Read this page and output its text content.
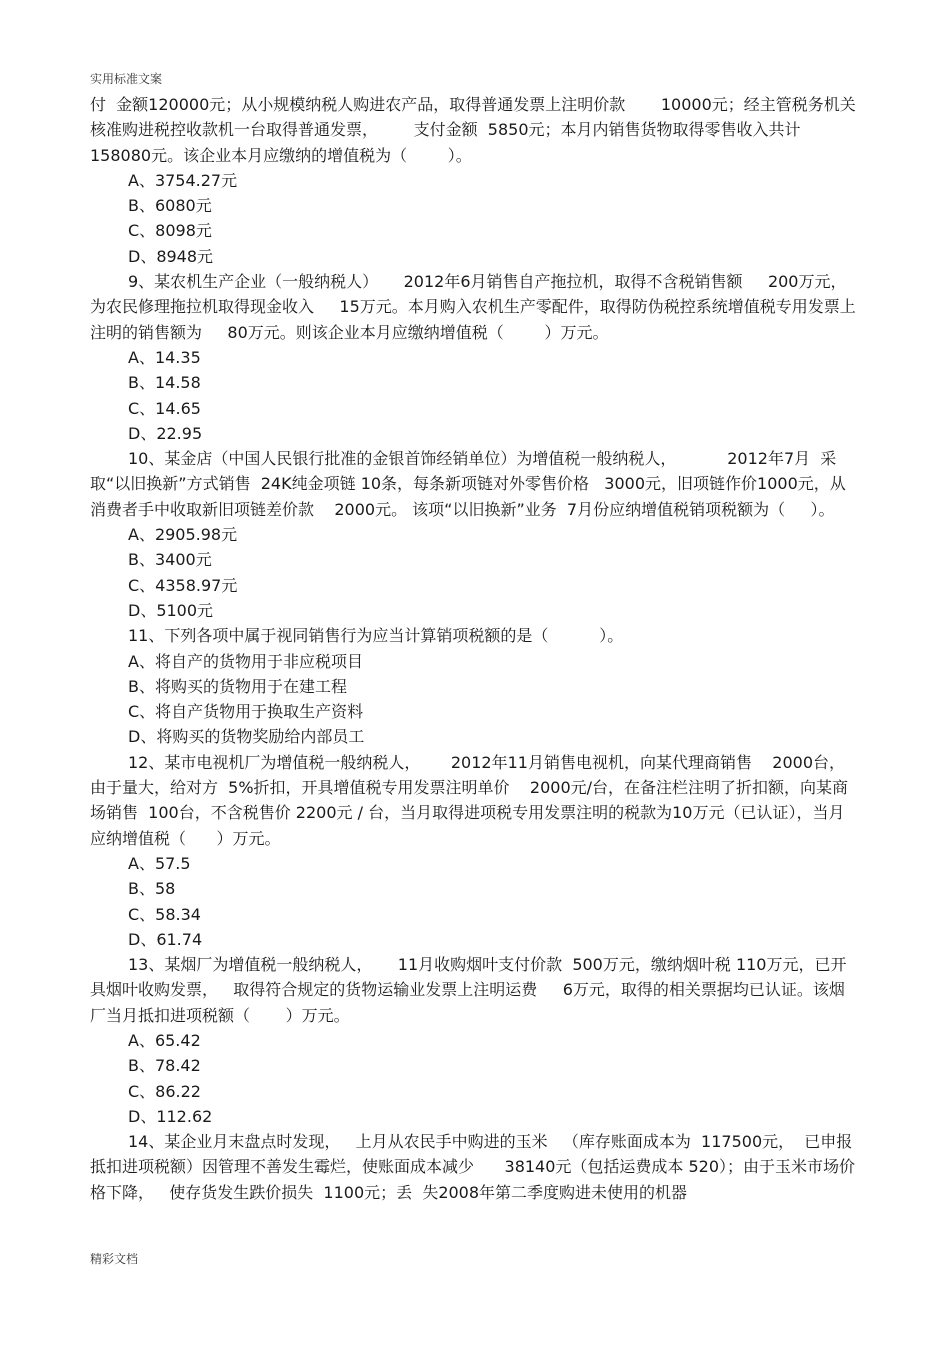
实用标准文案

付  金额120000元；从小规模纳税人购进农产品，取得普通发票上注明价款       10000元；经主管税务机关核准购进税控收款机一台取得普通发票，       支付金额  5850元；本月内销售货物取得零售收入共计 158080元。该企业本月应缴纳的增值税为（        ）。

A、3754.27元

B、6080元

C、8098元

D、8948元

9、某农机生产企业（一般纳税人）     2012年6月销售自产拖拉机，取得不含税销售额     200万元，为农民修理拖拉机取得现金收入     15万元。本月购入农机生产零配件，取得防伪税控系统增值税专用发票上注明的销售额为     80万元。则该企业本月应缴纳增值税（        ）万元。

A、14.35

B、14.58

C、14.65

D、22.95

10、某金店（中国人民银行批准的金银首饰经销单位）为增值税一般纳税人，          2012年7月  采取“以旧换新”方式销售  24K纯金项链 10条，每条新项链对外零售价格   3000元，旧项链作价1000元，从消费者手中收取新旧项链差价款    2000元。 该项“以旧换新”业务  7月份应纳增值税销项税额为（     ）。

A、2905.98元

B、3400元

C、4358.97元

D、5100元

11、下列各项中属于视同销售行为应当计算销项税额的是（          ）。

A、将自产的货物用于非应税项目

B、将购买的货物用于在建工程

C、将自产货物用于换取生产资料

D、将购买的货物奖励给内部员工

12、某市电视机厂为增值税一般纳税人，      2012年11月销售电视机，向某代理商销售    2000台，由于量大，给对方  5%折扣，开具增值税专用发票注明单价    2000元/台，在备注栏注明了折扣额，向某商场销售  100台，不含税售价 2200元 / 台，当月取得进项税专用发票注明的税款为10万元（已认证），当月应纳增值税（      ）万元。

A、57.5

B、58

C、58.34

D、61.74

13、某烟厂为增值税一般纳税人，     11月收购烟叶支付价款  500万元，缴纳烟叶税 110万元，已开具烟叶收购发票，   取得符合规定的货物运输业发票上注明运费     6万元，取得的相关票据均已认证。该烟厂当月抵扣进项税额（       ）万元。

A、65.42

B、78.42

C、86.22

D、112.62

14、某企业月末盘点时发现，   上月从农民手中购进的玉米   （库存账面成本为  117500元，  已申报抵扣进项税额）因管理不善发生霉烂，使账面成本减少      38140元（包括运费成本 520）；由于玉米市场价格下降，   使存货发生跌价损失  1100元；丢  失2008年第二季度购进未使用的机器

精彩文档
